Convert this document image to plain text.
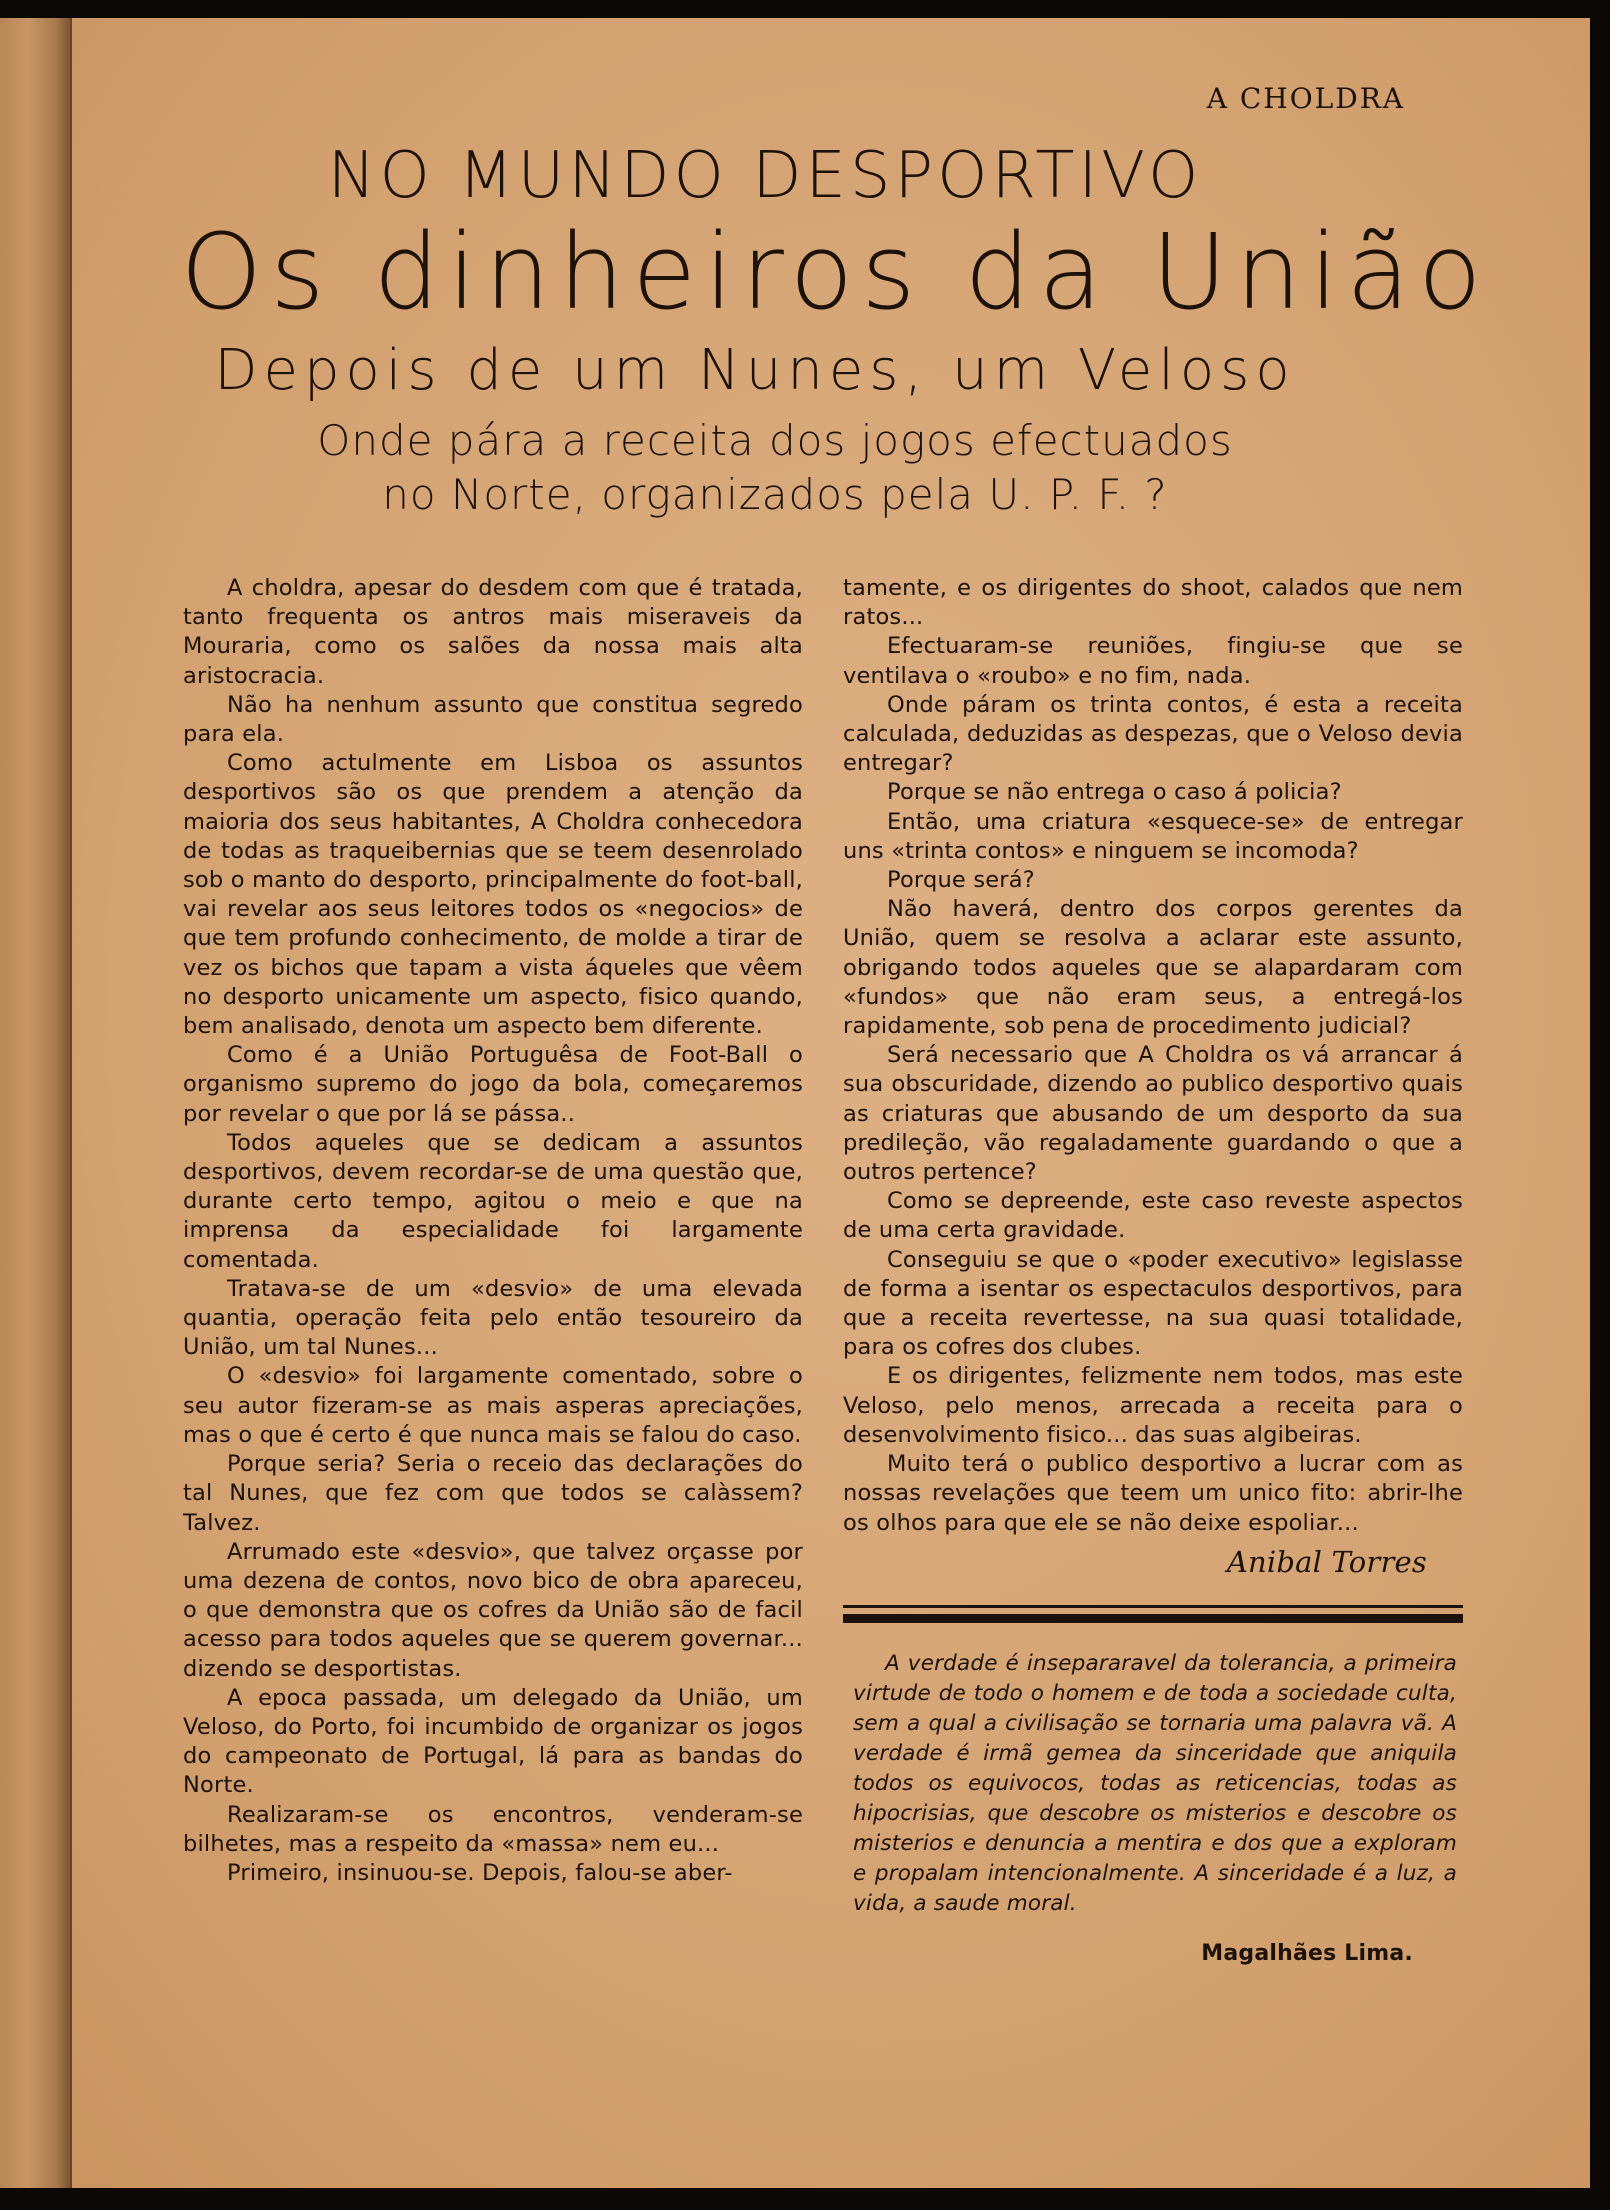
A CHOLDRA
NO MUNDO DESPORTIVO
Os dinheiros da União
Depois de um Nunes, um Veloso
Onde pára a receita dos jogos efectuados
no Norte, organizados pela U. P. F. ?

A choldra, apesar do desdem com que é tratada, tanto frequenta os antros mais miseraveis da Mouraria, como os salões da nossa mais alta aristocracia.

Não ha nenhum assunto que constitua segredo para ela.

Como actulmente em Lisboa os assuntos desportivos são os que prendem a atenção da maioria dos seus habitantes, A Choldra conhecedora de todas as traqueibernias que se teem desenrolado sob o manto do desporto, principalmente do foot-ball, vai revelar aos seus leitores todos os «negocios» de que tem profundo conhecimento, de molde a tirar de vez os bichos que tapam a vista áqueles que vêem no desporto unicamente um aspecto, fisico quando, bem analisado, denota um aspecto bem diferente.

Como é a União Portuguêsa de Foot-Ball o organismo supremo do jogo da bola, começaremos por revelar o que por lá se pássa..

Todos aqueles que se dedicam a assuntos desportivos, devem recordar-se de uma questão que, durante certo tempo, agitou o meio e que na imprensa da especialidade foi largamente comentada.

Tratava-se de um «desvio» de uma elevada quantia, operação feita pelo então tesoureiro da União, um tal Nunes...

O «desvio» foi largamente comentado, sobre o seu autor fizeram-se as mais asperas apreciações, mas o que é certo é que nunca mais se falou do caso.

Porque seria? Seria o receio das declarações do tal Nunes, que fez com que todos se calàssem? Talvez.

Arrumado este «desvio», que talvez orçasse por uma dezena de contos, novo bico de obra apareceu, o que demonstra que os cofres da União são de facil acesso para todos aqueles que se querem governar... dizendo se desportistas.

A epoca passada, um delegado da União, um Veloso, do Porto, foi incumbido de organizar os jogos do campeonato de Portugal, lá para as bandas do Norte.

Realizaram-se os encontros, venderam-se bilhetes, mas a respeito da «massa» nem eu...

Primeiro, insinuou-se. Depois, falou-se aber-

tamente, e os dirigentes do shoot, calados que nem ratos...

Efectuaram-se reuniões, fingiu-se que se ventilava o «roubo» e no fim, nada.

Onde páram os trinta contos, é esta a receita calculada, deduzidas as despezas, que o Veloso devia entregar?

Porque se não entrega o caso á policia?

Então, uma criatura «esquece-se» de entregar uns «trinta contos» e ninguem se incomoda?

Porque será?

Não haverá, dentro dos corpos gerentes da União, quem se resolva a aclarar este assunto, obrigando todos aqueles que se alapardaram com «fundos» que não eram seus, a entregá-los rapidamente, sob pena de procedimento judicial?

Será necessario que A Choldra os vá arrancar á sua obscuridade, dizendo ao publico desportivo quais as criaturas que abusando de um desporto da sua predileção, vão regaladamente guardando o que a outros pertence?

Como se depreende, este caso reveste aspectos de uma certa gravidade.

Conseguiu se que o «poder executivo» legislasse de forma a isentar os espectaculos desportivos, para que a receita revertesse, na sua quasi totalidade, para os cofres dos clubes.

E os dirigentes, felizmente nem todos, mas este Veloso, pelo menos, arrecada a receita para o desenvolvimento fisico... das suas algibeiras.

Muito terá o publico desportivo a lucrar com as nossas revelações que teem um unico fito: abrir-lhe os olhos para que ele se não deixe espoliar...

Anibal Torres
A verdade é insepararavel da tolerancia, a primeira virtude de todo o homem e de toda a sociedade culta, sem a qual a civilisação se tornaria uma palavra vã. A verdade é irmã gemea da sinceridade que aniquila todos os equivocos, todas as reticencias, todas as hipocrisias, que descobre os misterios e descobre os misterios e denuncia a mentira e dos que a exploram e propalam intencionalmente. A sinceridade é a luz, a vida, a saude moral.
Magalhães Lima.
